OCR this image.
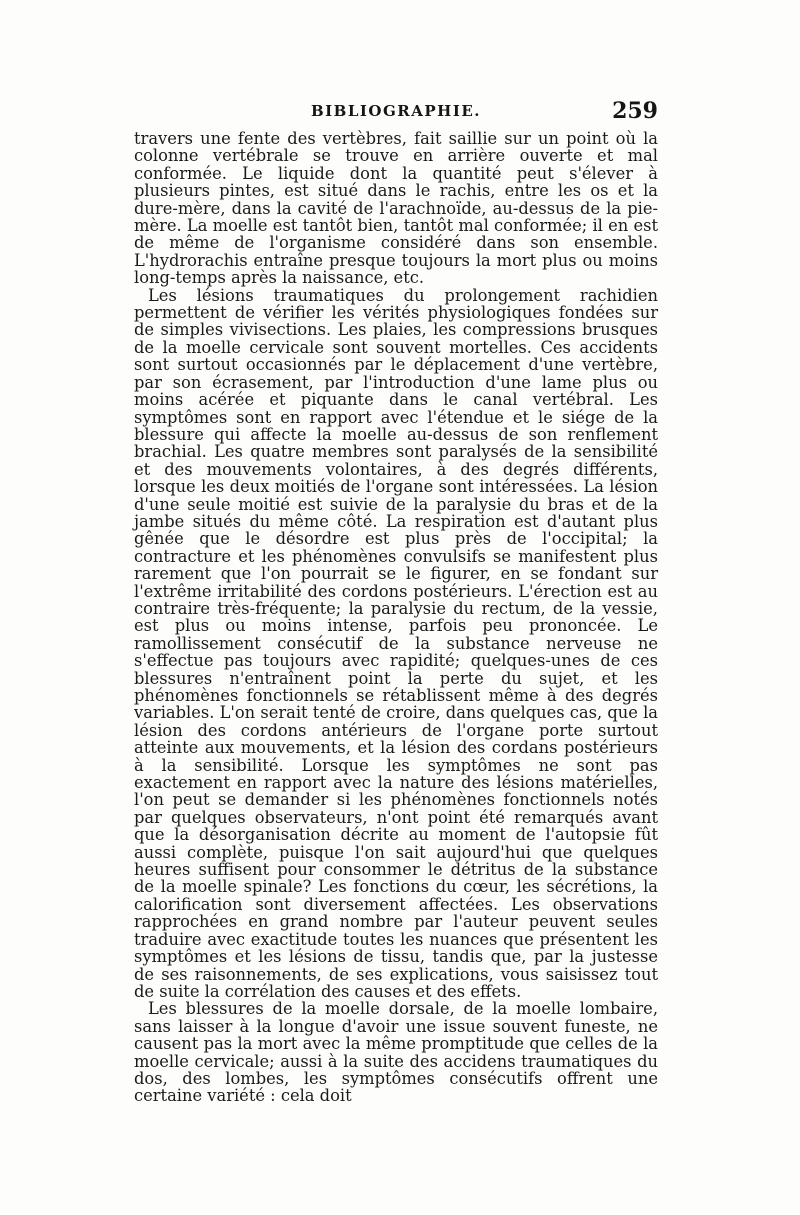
BIBLIOGRAPHIE.	259

travers une fente des vertèbres, fait saillie sur un point où la colonne vertébrale se trouve en arrière ouverte et mal conformée. Le liquide dont la quantité peut s'élever à plusieurs pintes, est situé dans le rachis, entre les os et la dure-mère, dans la cavité de l'arachnoïde, au-dessus de la pie-mère. La moelle est tantôt bien, tantôt mal conformée; il en est de même de l'organisme considéré dans son ensemble. L'hydrorachis entraîne presque toujours la mort plus ou moins long-temps après la naissance, etc.

Les lésions traumatiques du prolongement rachidien permettent de vérifier les vérités physiologiques fondées sur de simples vivisections. Les plaies, les compressions brusques de la moelle cervicale sont souvent mortelles. Ces accidents sont surtout occasionnés par le déplacement d'une vertèbre, par son écrasement, par l'introduction d'une lame plus ou moins acérée et piquante dans le canal vertébral. Les symptômes sont en rapport avec l'étendue et le siége de la blessure qui affecte la moelle au-dessus de son renflement brachial. Les quatre membres sont paralysés de la sensibilité et des mouvements volontaires, à des degrés différents, lorsque les deux moitiés de l'organe sont intéressées. La lésion d'une seule moitié est suivie de la paralysie du bras et de la jambe situés du même côté. La respiration est d'autant plus gênée que le désordre est plus près de l'occipital; la contracture et les phénomènes convulsifs se manifestent plus rarement que l'on pourrait se le figurer, en se fondant sur l'extrême irritabilité des cordons postérieurs. L'érection est au contraire très-fréquente; la paralysie du rectum, de la vessie, est plus ou moins intense, parfois peu prononcée. Le ramollissement consécutif de la substance nerveuse ne s'effectue pas toujours avec rapidité; quelques-unes de ces blessures n'entraînent point la perte du sujet, et les phénomènes fonctionnels se rétablissent même à des degrés variables. L'on serait tenté de croire, dans quelques cas, que la lésion des cordons antérieurs de l'organe porte surtout atteinte aux mouvements, et la lésion des cordans postérieurs à la sensibilité. Lorsque les symptômes ne sont pas exactement en rapport avec la nature des lésions matérielles, l'on peut se demander si les phénomènes fonctionnels notés par quelques observateurs, n'ont point été remarqués avant que la désorganisation décrite au moment de l'autopsie fût aussi complète, puisque l'on sait aujourd'hui que quelques heures suffisent pour consommer le détritus de la substance de la moelle spinale? Les fonctions du cœur, les sécrétions, la calorification sont diversement affectées. Les observations rapprochées en grand nombre par l'auteur peuvent seules traduire avec exactitude toutes les nuances que présentent les symptômes et les lésions de tissu, tandis que, par la justesse de ses raisonnements, de ses explications, vous saisissez tout de suite la corrélation des causes et des effets.

Les blessures de la moelle dorsale, de la moelle lombaire, sans laisser à la longue d'avoir une issue souvent funeste, ne causent pas la mort avec la même promptitude que celles de la moelle cervicale; aussi à la suite des accidens traumatiques du dos, des lombes, les symptômes consécutifs offrent une certaine variété : cela doit
